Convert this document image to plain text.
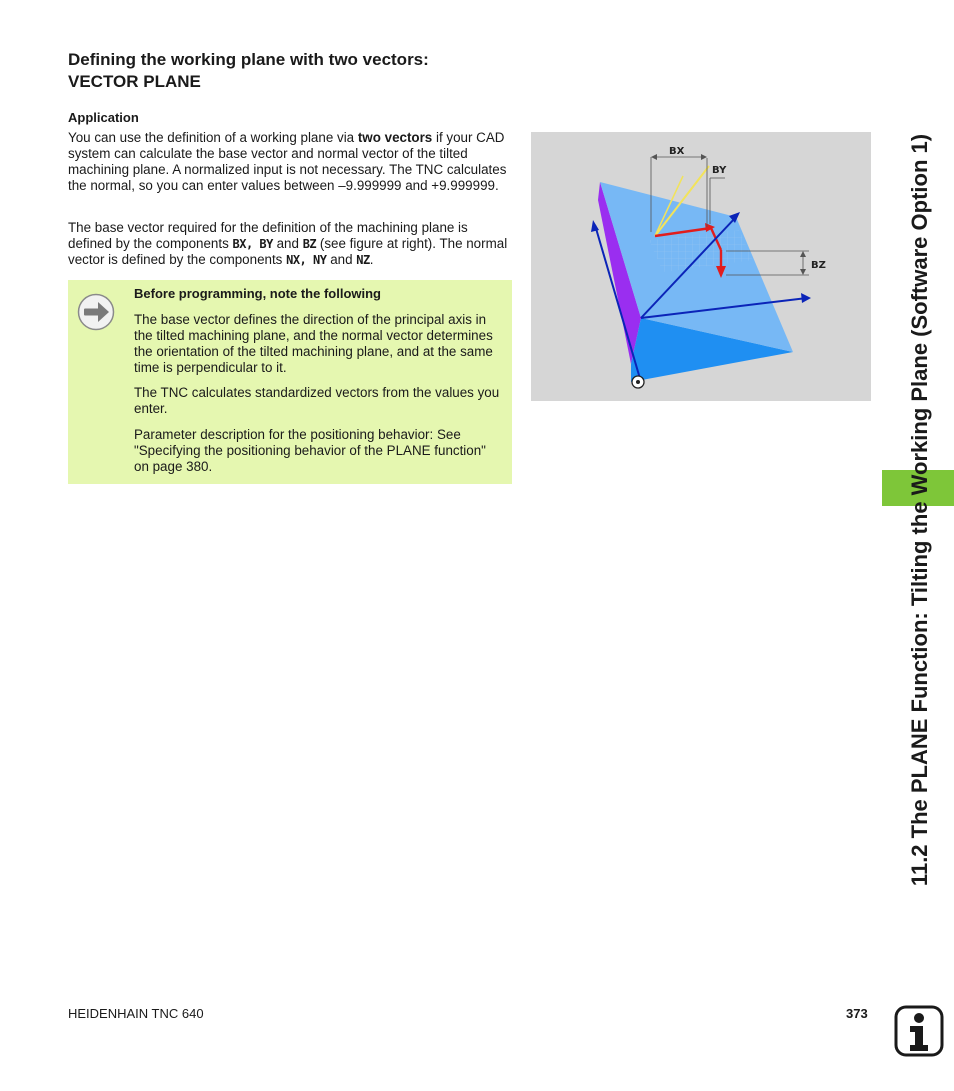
Defining the working plane with two vectors:
VECTOR PLANE
Application

You can use the definition of a working plane via two vectors if your CAD system can calculate the base vector and normal vector of the tilted machining plane. A normalized input is not necessary. The TNC calculates the normal, so you can enter values between –9.999999 and +9.999999.

The base vector required for the definition of the machining plane is defined by the components BX, BY and BZ (see figure at right). The normal vector is defined by the components NX, NY and NZ.

Before programming, note the following

The base vector defines the direction of the principal axis in the tilted machining plane, and the normal vector determines the orientation of the tilted machining plane, and at the same time is perpendicular to it.

The TNC calculates standardized vectors from the values you enter.

Parameter description for the positioning behavior: See "Specifying the positioning behavior of the PLANE function" on page 380.

BX
BY
BZ	11.2 The PLANE Function: Tilting the Working Plane (Software Option 1)

HEIDENHAIN TNC 640	373
